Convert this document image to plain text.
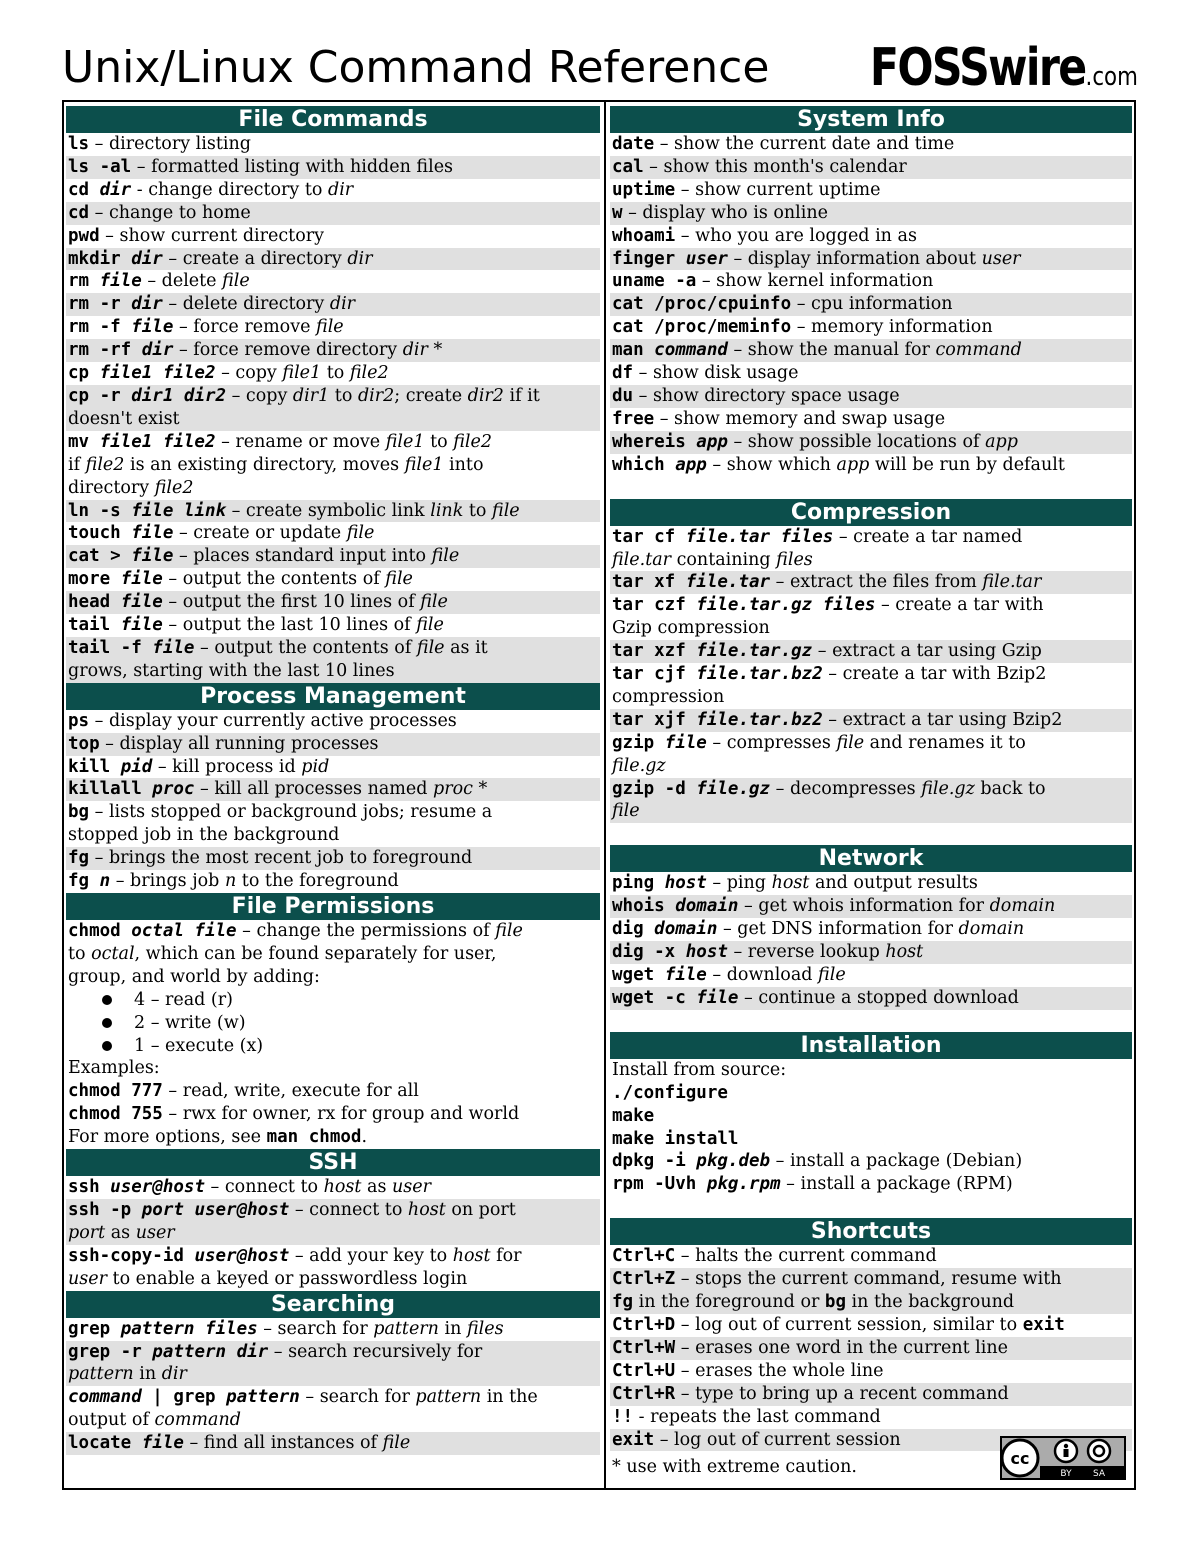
Unix/Linux Command Reference FOSSwire.com
File Commands
ls – directory listing
ls -al – formatted listing with hidden files
cd dir - change directory to dir
cd – change to home
pwd – show current directory
mkdir dir – create a directory dir
rm file – delete file
rm -r dir – delete directory dir
rm -f file – force remove file
rm -rf dir – force remove directory dir *
cp file1 file2 – copy file1 to file2
cp -r dir1 dir2 – copy dir1 to dir2; create dir2 if it
doesn't exist
mv file1 file2 – rename or move file1 to file2
if file2 is an existing directory, moves file1 into
directory file2
ln -s file link – create symbolic link link to file
touch file – create or update file
cat > file – places standard input into file
more file – output the contents of file
head file – output the first 10 lines of file
tail file – output the last 10 lines of file
tail -f file – output the contents of file as it
grows, starting with the last 10 lines
Process Management
ps – display your currently active processes
top – display all running processes
kill pid – kill process id pid
killall proc – kill all processes named proc *
bg – lists stopped or background jobs; resume a
stopped job in the background
fg – brings the most recent job to foreground
fg n – brings job n to the foreground
File Permissions
chmod octal file – change the permissions of file
to octal, which can be found separately for user,
group, and world by adding:
4 – read (r)
2 – write (w)
1 – execute (x)
Examples:
chmod 777 – read, write, execute for all
chmod 755 – rwx for owner, rx for group and world
For more options, see man chmod.
SSH
ssh user@host – connect to host as user
ssh -p port user@host – connect to host on port
port as user
ssh-copy-id user@host – add your key to host for
user to enable a keyed or passwordless login
Searching
grep pattern files – search for pattern in files
grep -r pattern dir – search recursively for
pattern in dir
command | grep pattern – search for pattern in the
output of command
locate file – find all instances of file
System Info
date – show the current date and time
cal – show this month's calendar
uptime – show current uptime
w – display who is online
whoami – who you are logged in as
finger user – display information about user
uname -a – show kernel information
cat /proc/cpuinfo – cpu information
cat /proc/meminfo – memory information
man command – show the manual for command
df – show disk usage
du – show directory space usage
free – show memory and swap usage
whereis app – show possible locations of app
which app – show which app will be run by default
Compression
tar cf file.tar files – create a tar named
file.tar containing files
tar xf file.tar – extract the files from file.tar
tar czf file.tar.gz files – create a tar with
Gzip compression
tar xzf file.tar.gz – extract a tar using Gzip
tar cjf file.tar.bz2 – create a tar with Bzip2
compression
tar xjf file.tar.bz2 – extract a tar using Bzip2
gzip file – compresses file and renames it to
file.gz
gzip -d file.gz – decompresses file.gz back to
file
Network
ping host – ping host and output results
whois domain – get whois information for domain
dig domain – get DNS information for domain
dig -x host – reverse lookup host
wget file – download file
wget -c file – continue a stopped download
Installation
Install from source:
./configure
make
make install
dpkg -i pkg.deb – install a package (Debian)
rpm -Uvh pkg.rpm – install a package (RPM)
Shortcuts
Ctrl+C – halts the current command
Ctrl+Z – stops the current command, resume with
fg in the foreground or bg in the background
Ctrl+D – log out of current session, similar to exit
Ctrl+W – erases one word in the current line
Ctrl+U – erases the whole line
Ctrl+R – type to bring up a recent command
!! - repeats the last command
exit – log out of current session
* use with extreme caution.	cc
BY SA
